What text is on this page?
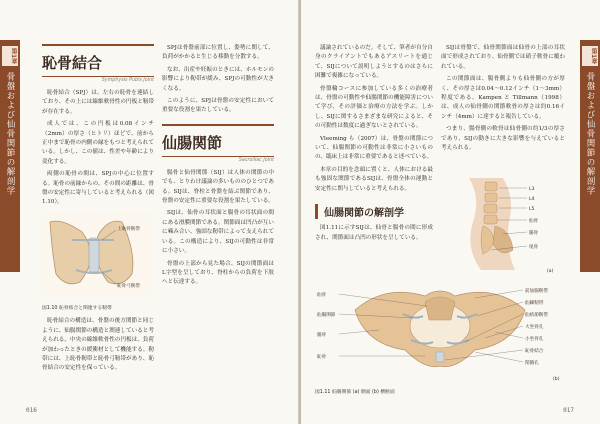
第1章
骨盤および仙骨関節の解剖学
恥骨結合
Symphysis Pubis Joint

恥骨結合（SPJ）は、左右の恥骨を連結しており、その上には線維軟骨性の円板と靭帯が存在する。

成人では、この円板は0.08インチ（2mm）の厚さ（ヒトリ）ほどで、前から正中まで恥骨の内側の縁をもつと考えられている。しかし、この値は、性差や年齢により変化する。

両側の恥骨の間は、SPJの中心に位置する。恥骨の前縁からの、その間の距離は、骨盤の安定性に寄与していると考えられる（図1.10）。

上恥骨靭帯
恥骨弓靭帯
図1.10 恥骨結合と関連する靭帯

恥骨結合の構造は、骨盤の後方関節と同じように、仙腸関節の構造と関連していると考えられる。中央の線維軟骨性の円板は、負荷が加わったときの緩衝材として機能する。靭帯には、上恥骨靭帯と恥骨弓靭帯があり、恥骨結合の安定性を保っている。

SPJは骨盤前部に位置し、姿勢に関して、負荷がかかると生じる移動を分散する。

なお、出産や妊娠のときには、ホルモンの影響により靭帯が緩み、SPJの可動性が大きくなる。

このように、SPJは骨盤の安定性において重要な役割を果たしている。

仙腸関節
Sacroiliac Joint

腸骨と仙骨関節（SIJ）は人体の関節の中でも、とりわけ議論の多いもののひとつである。SIJは、脊柱と骨盤を結ぶ関節であり、骨盤の安定性に重要な役割を果たしている。

SIJは、仙骨の耳状面と腸骨の耳状面の間にある滑膜関節である。関節面は凹凸が互いに噛み合い、強固な靭帯によって支えられている。この構造により、SIJの可動性は非常に小さい。

骨盤の上部から見た場合、SIJの関節面はL字型を呈しており、脊柱からの負荷を下肢へと伝達する。

016
第1章
骨盤および仙骨関節の解剖学

議論されているのだ。そして、筆者が自分自身のクライアントでもあるアスリートを通じて、SIJについて説明しようとするのはさらに困難で複雑になっている。

骨盤輪コースに参加している多くの治療者は、骨盤の可動性や仙腸関節の機能障害について学び、その評価と治療の方法を学ぶ。しかし、SIJに関するさまざまな研究によると、その可動性は数度に過ぎないとされている。

Vleeming ら（2007）は、骨盤の関節について、仙腸関節の可動性は非常に小さいものの、臨床上は非常に重要であると述べている。

本章の目的を念頭に置くと、人体における最も強固な関節であるSIJは、骨盤全体の運動と安定性に関与していると考えられる。

仙腸関節の解剖学

図1.11に示すSIJは、仙骨と腸骨の間に形成され、関節面は凸凹の形状を呈している。

SIJは骨盤で、仙骨関節面は仙骨の上部の耳状面で形成されており、仙骨側では硝子軟骨に覆われている。

この関節面は、腸骨側よりも仙骨側の方が厚く、その厚さは0.04〜0.12インチ（1〜3mm）程度である。Kampen と Tillmann（1998）は、成人の仙骨側の関節軟骨の厚さは約0.16インチ（4mm）に達すると報告している。

つまり、腸骨側の軟骨は仙骨側の約1/3の厚さであり、SIJの動きに大きな影響を与えていると考えられる。

L3
L4
L5
仙骨
腸骨
尾骨
(a)
仙骨
仙腸関節
腸骨
恥骨
前仙腸靭帯
仙棘靭帯
仙結節靭帯
大坐骨孔
小坐骨孔
恥骨結合
閉鎖孔
(b)
図1.11 仙腸関節 (a) 側面 (b) 横断面
017
